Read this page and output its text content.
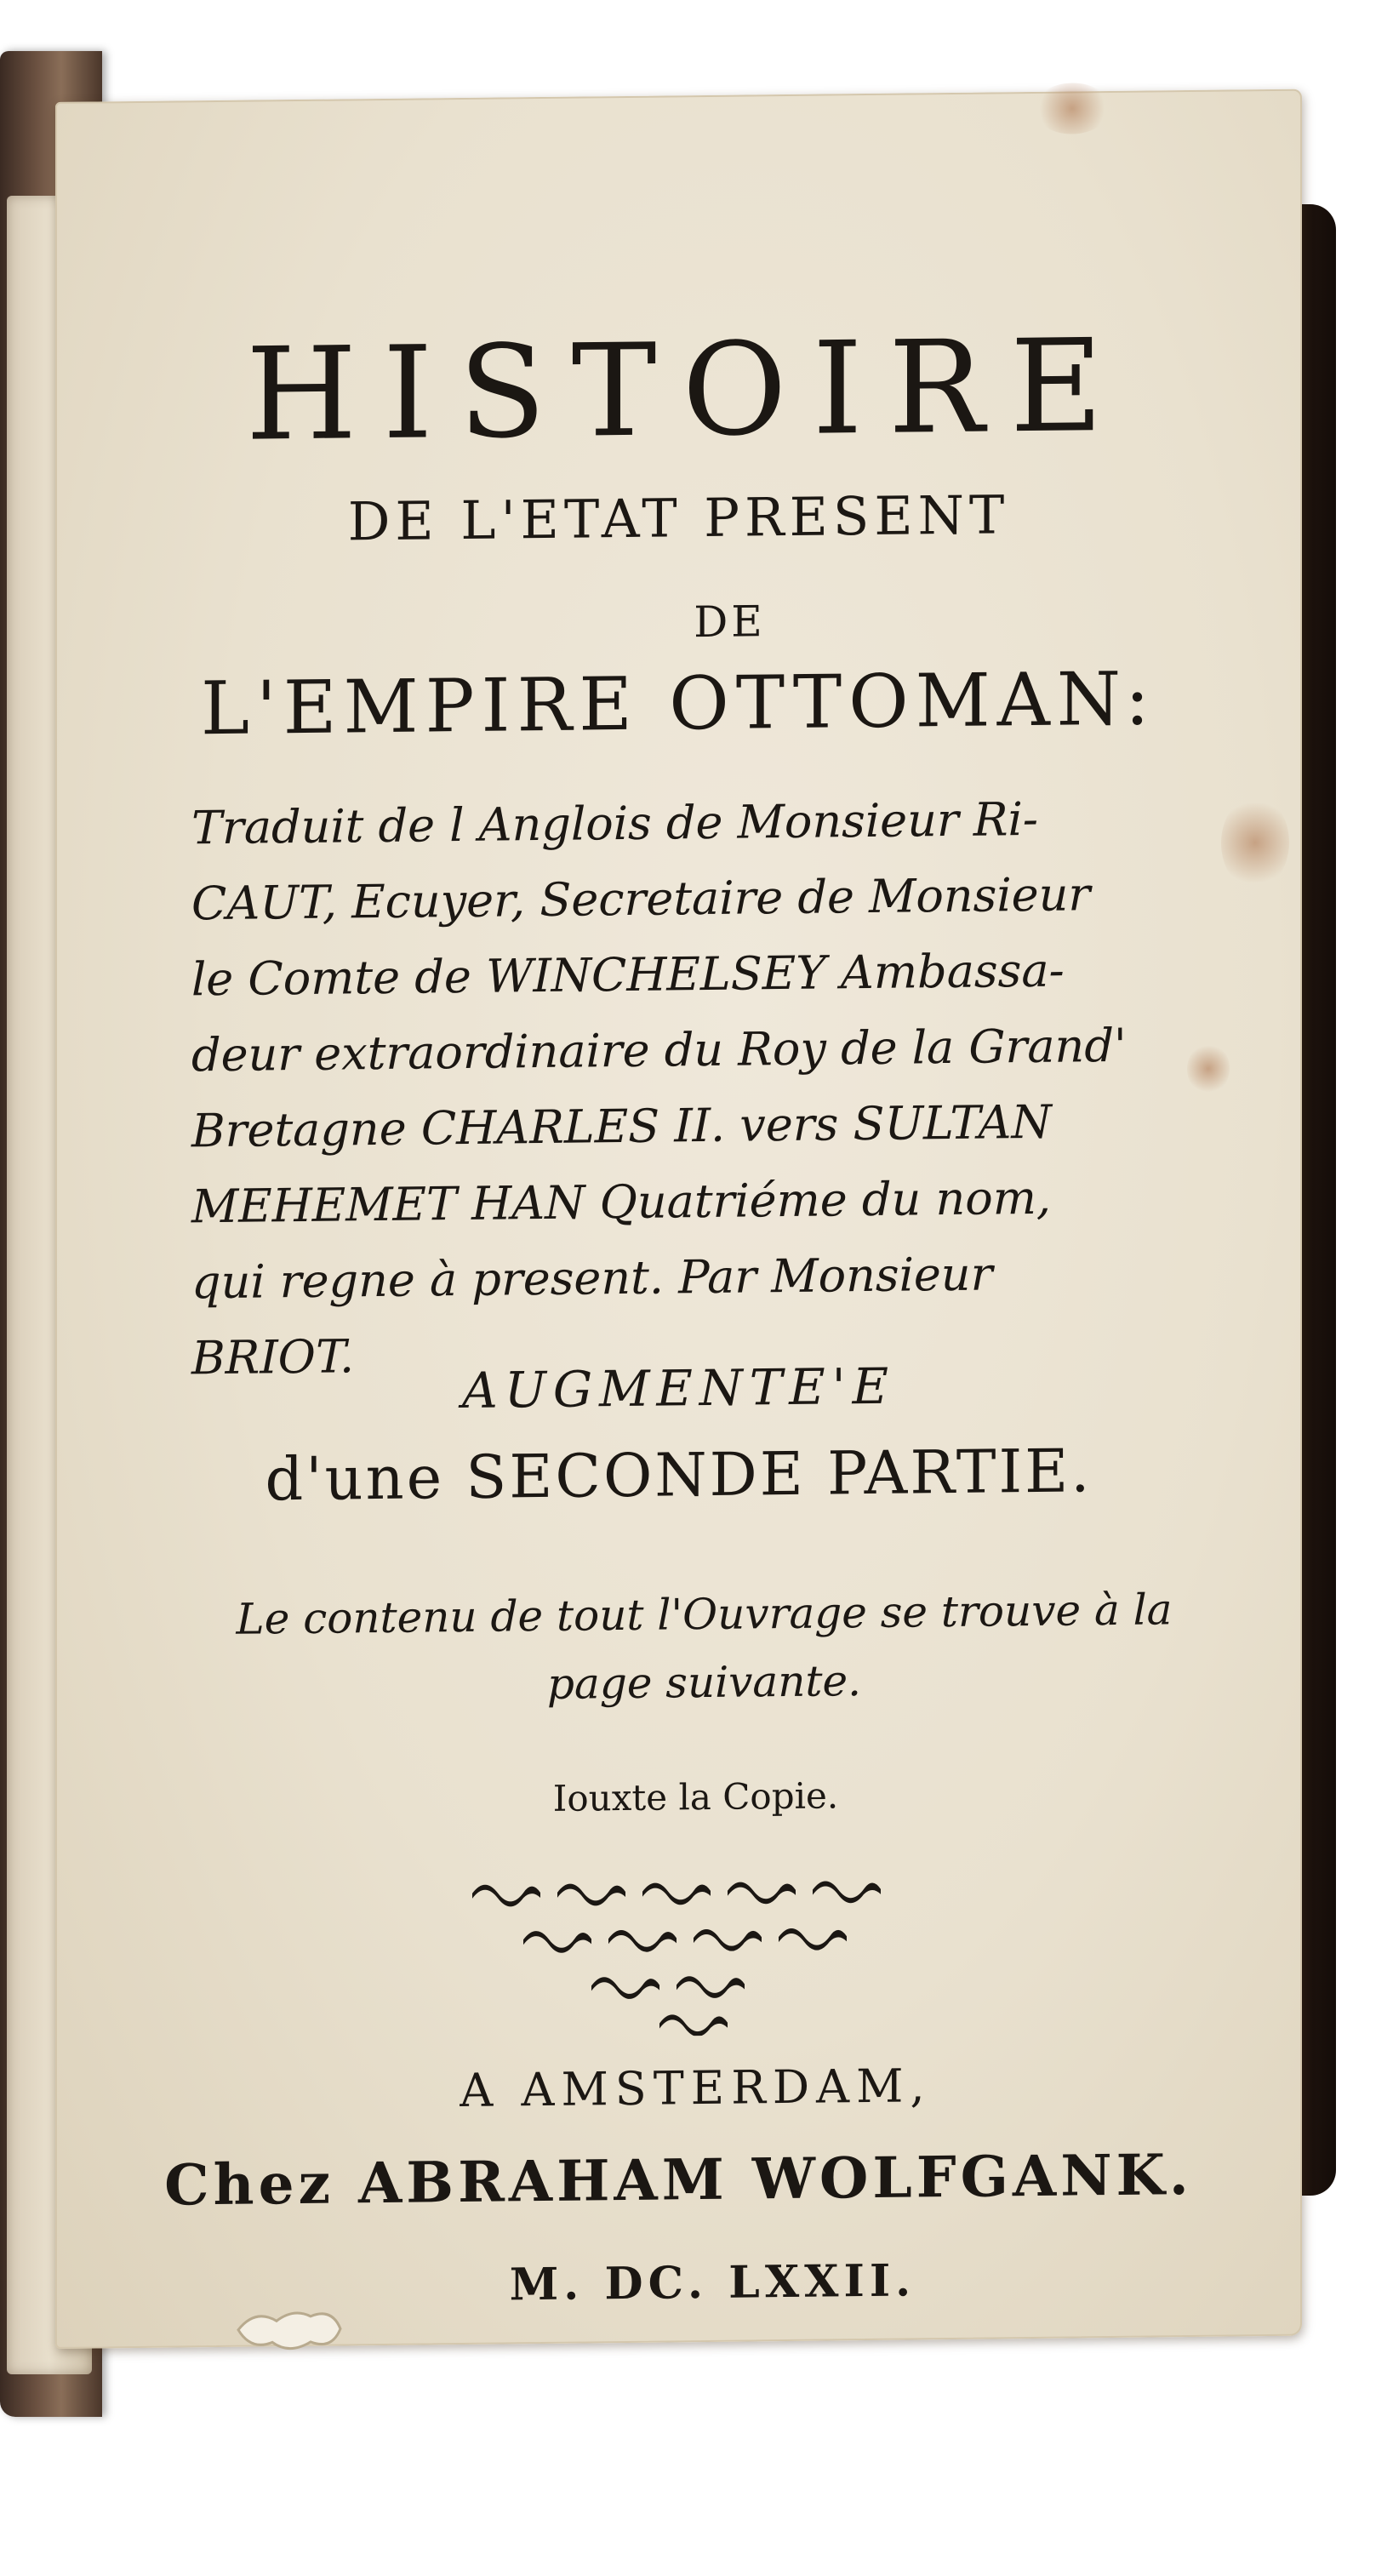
HISTOIRE
DE L'ETAT PRESENT
DE
L'EMPIRE OTTOMAN:
Traduit de l Anglois de Monsieur Ri-
CAUT, Ecuyer, Secretaire de Monsieur
le Comte de WINCHELSEY Ambassa-
deur extraordinaire du Roy de la Grand'
Bretagne CHARLES II. vers SULTAN
MEHEMET HAN Quatriéme du nom,
qui regne à present. Par Monsieur
BRIOT.	AUGMENTE'E
d'une SECONDE PARTIE.
Le contenu de tout l'Ouvrage se trouve à la page suivante.
Iouxte la Copie.
A AMSTERDAM,
Chez ABRAHAM WOLFGANK.
M. DC. LXXII.
